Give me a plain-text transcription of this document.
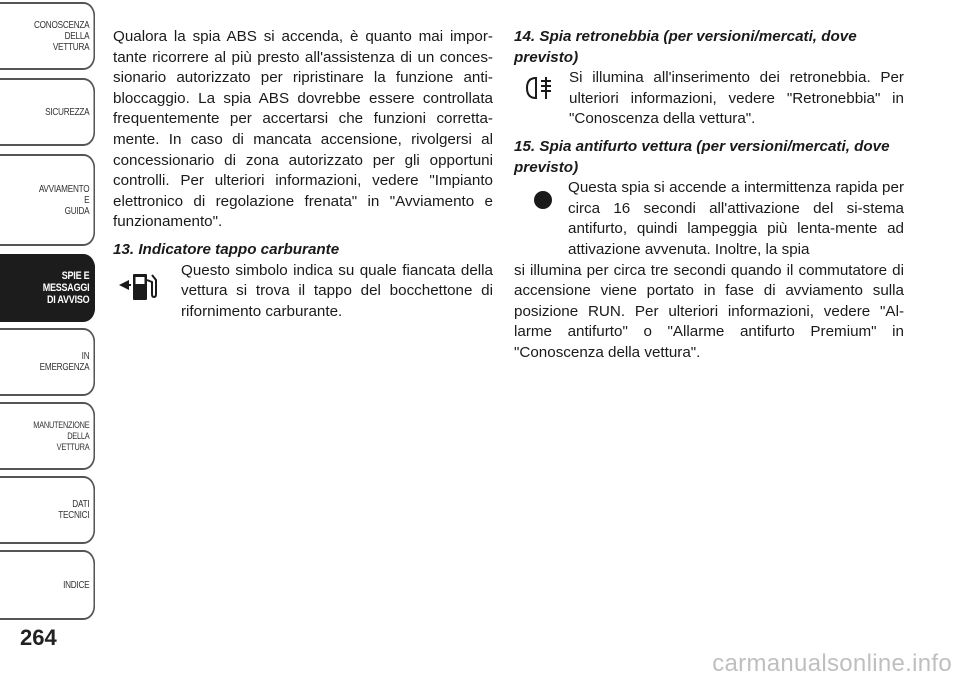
CONOSCENZA
DELLA
VETTURA
SICUREZZA
AVVIAMENTO
E
GUIDA
SPIE E
MESSAGGI
DI AVVISO
IN
EMERGENZA
MANUTENZIONE
DELLA
VETTURA
DATI
TECNICI
INDICE
264
carmanualsonline.info

Qualora la spia ABS si accenda, è quanto mai impor-tante ricorrere al più presto all'assistenza di un conces-sionario autorizzato per ripristinare la funzione anti-bloccaggio. La spia ABS dovrebbe essere controllata frequentemente per accertarsi che funzioni corretta-mente. In caso di mancata accensione, rivolgersi al concessionario di zona autorizzato per gli opportuni controlli. Per ulteriori informazioni, vedere "Impianto elettronico di regolazione frenata" in "Avviamento e funzionamento".

13. Indicatore tappo carburante

Questo simbolo indica su quale fiancata della vettura si trova il tappo del bocchettone di rifornimento carburante.

14. Spia retronebbia (per versioni/mercati, dove previsto)

Si illumina all'inserimento dei retronebbia. Per ulteriori informazioni, vedere "Retronebbia" in "Conoscenza della vettura".

15. Spia antifurto vettura (per versioni/mercati, dove previsto)

Questa spia si accende a intermittenza rapida per circa 16 secondi all'attivazione del si-stema antifurto, quindi lampeggia più lenta-mente ad attivazione avvenuta. Inoltre, la spia

si illumina per circa tre secondi quando il commutatore di accensione viene portato in fase di avviamento sulla posizione RUN. Per ulteriori informazioni, vedere "Al-larme antifurto" o "Allarme antifurto Premium" in "Conoscenza della vettura".
